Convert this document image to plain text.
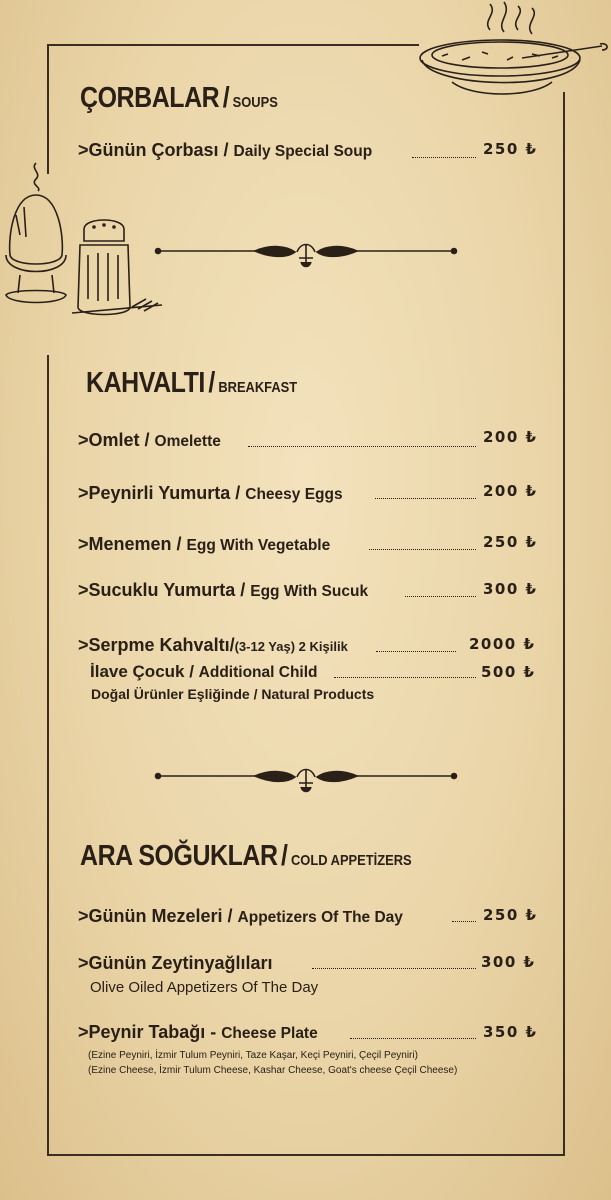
ÇORBALAR / SOUPS
>Günün Çorbası / Daily Special Soup	250 ₺
KAHVALTI / BREAKFAST
>Omlet / Omelette	200 ₺
>Peynirli Yumurta / Cheesy Eggs	200 ₺
>Menemen / Egg With Vegetable	250 ₺
>Sucuklu Yumurta / Egg With Sucuk	300 ₺
>Serpme Kahvaltı/(3-12 Yaş) 2 Kişilik	2000 ₺
İlave Çocuk / Additional Child	500 ₺
Doğal Ürünler Eşliğinde / Natural Products
ARA SOĞUKLAR / COLD APPETİZERS
>Günün Mezeleri / Appetizers Of The Day	250 ₺
>Günün Zeytinyağlıları	300 ₺
Olive Oiled Appetizers Of The Day
>Peynir Tabağı - Cheese Plate	350 ₺
(Ezine Peyniri, İzmir Tulum Peyniri, Taze Kaşar, Keçi Peyniri, Çeçil Peyniri)
(Ezine Cheese, İzmir Tulum Cheese, Kashar Cheese, Goat's cheese Çeçil Cheese)
